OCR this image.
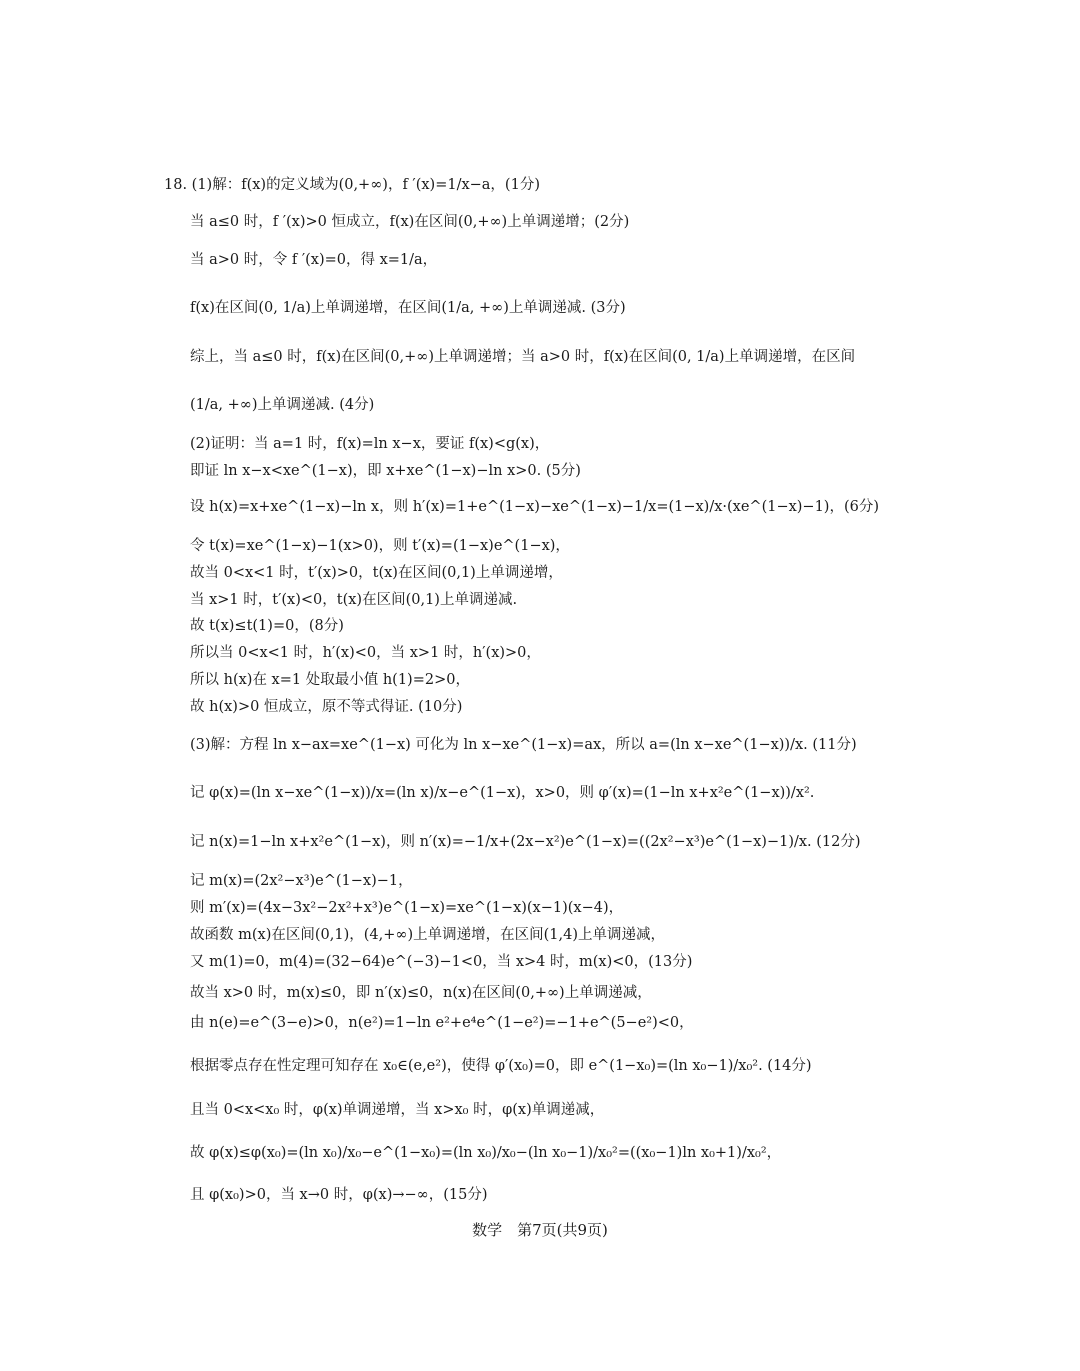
18. (1)解：f(x)的定义域为(0,+∞)，f ′(x)=1/x−a，(1分)
当 a≤0 时，f ′(x)>0 恒成立，f(x)在区间(0,+∞)上单调递增；(2分)
当 a>0 时，令 f ′(x)=0，得 x=1/a，
f(x)在区间(0, 1/a)上单调递增，在区间(1/a, +∞)上单调递减. (3分)
综上，当 a≤0 时，f(x)在区间(0,+∞)上单调递增；当 a>0 时，f(x)在区间(0, 1/a)上单调递增，在区间
(1/a, +∞)上单调递减. (4分)
(2)证明：当 a=1 时，f(x)=ln x−x，要证 f(x)<g(x)，
即证 ln x−x<xe^(1−x)，即 x+xe^(1−x)−ln x>0. (5分)
设 h(x)=x+xe^(1−x)−ln x，则 h′(x)=1+e^(1−x)−xe^(1−x)−1/x=(1−x)/x·(xe^(1−x)−1)，(6分)
令 t(x)=xe^(1−x)−1(x>0)，则 t′(x)=(1−x)e^(1−x)，
故当 0<x<1 时，t′(x)>0，t(x)在区间(0,1)上单调递增，
当 x>1 时，t′(x)<0，t(x)在区间(0,1)上单调递减.
故 t(x)≤t(1)=0，(8分)
所以当 0<x<1 时，h′(x)<0，当 x>1 时，h′(x)>0，
所以 h(x)在 x=1 处取最小值 h(1)=2>0，
故 h(x)>0 恒成立，原不等式得证. (10分)
(3)解：方程 ln x−ax=xe^(1−x) 可化为 ln x−xe^(1−x)=ax，所以 a=(ln x−xe^(1−x))/x. (11分)
记 φ(x)=(ln x−xe^(1−x))/x=(ln x)/x−e^(1−x)，x>0，则 φ′(x)=(1−ln x+x²e^(1−x))/x².
记 n(x)=1−ln x+x²e^(1−x)，则 n′(x)=−1/x+(2x−x²)e^(1−x)=((2x²−x³)e^(1−x)−1)/x. (12分)
记 m(x)=(2x²−x³)e^(1−x)−1，
则 m′(x)=(4x−3x²−2x²+x³)e^(1−x)=xe^(1−x)(x−1)(x−4)，
故函数 m(x)在区间(0,1)，(4,+∞)上单调递增，在区间(1,4)上单调递减，
又 m(1)=0，m(4)=(32−64)e^(−3)−1<0，当 x>4 时，m(x)<0，(13分)
故当 x>0 时，m(x)≤0，即 n′(x)≤0，n(x)在区间(0,+∞)上单调递减，
由 n(e)=e^(3−e)>0，n(e²)=1−ln e²+e⁴e^(1−e²)=−1+e^(5−e²)<0，
根据零点存在性定理可知存在 x₀∈(e,e²)，使得 φ′(x₀)=0，即 e^(1−x₀)=(ln x₀−1)/x₀². (14分)
且当 0<x<x₀ 时，φ(x)单调递增，当 x>x₀ 时，φ(x)单调递减，
故 φ(x)≤φ(x₀)=(ln x₀)/x₀−e^(1−x₀)=(ln x₀)/x₀−(ln x₀−1)/x₀²=((x₀−1)ln x₀+1)/x₀²，
且 φ(x₀)>0，当 x→0 时，φ(x)→−∞，(15分)
数学　第7页(共9页)
